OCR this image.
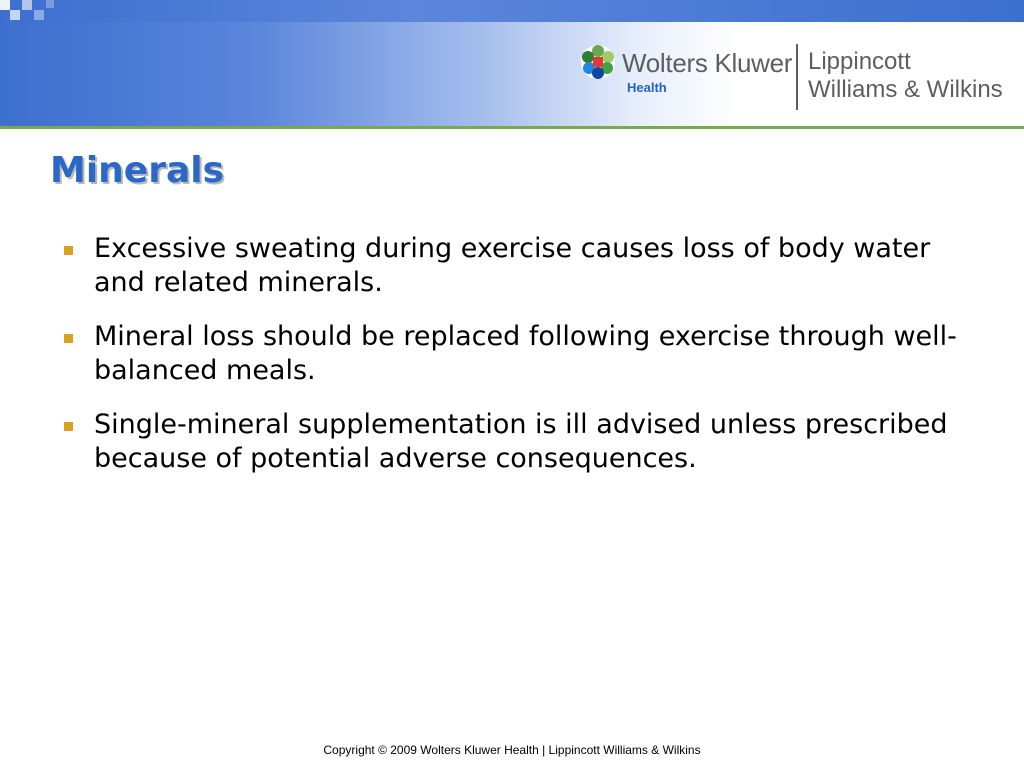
Wolters Kluwer
Health
Lippincott
Williams & Wilkins
Minerals
Excessive sweating during exercise causes loss of body water and related minerals.
Mineral loss should be replaced following exercise through well-balanced meals.
Single-mineral supplementation is ill advised unless prescribed because of potential adverse consequences.
Copyright © 2009 Wolters Kluwer Health | Lippincott Williams & Wilkins
